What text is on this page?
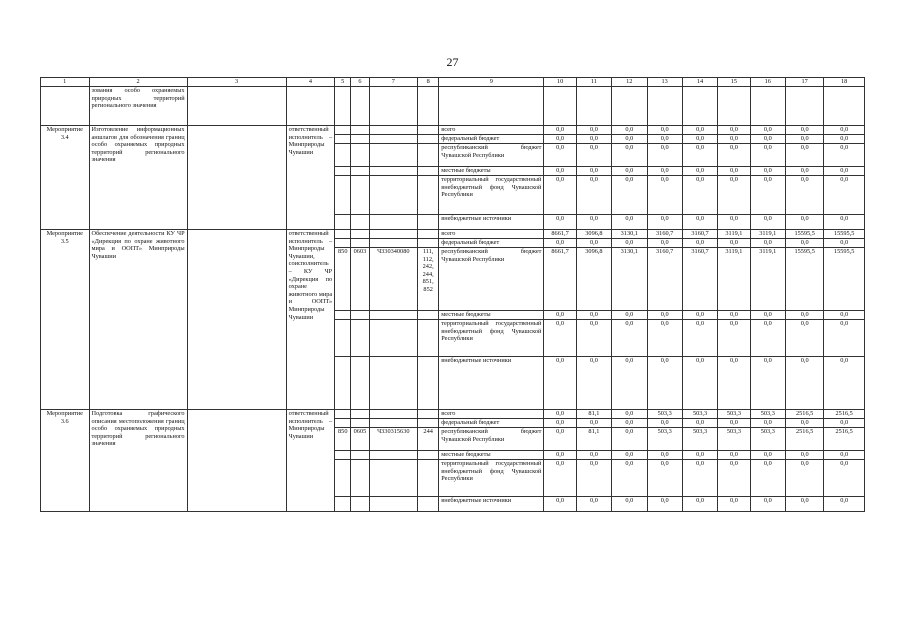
27
1	2	3	4	5	6	7	8	9	10	11	12	13	14	15	16	17	18
	зования особо охраняемых природных территорий регионального значения																
Мероприятие 3.4	Изготовление информационных аншлагов для обозначения границ особо охраняемых природных территорий регионального значения		ответственный исполнитель – Минприроды Чувашии					всего	0,0	0,0	0,0	0,0	0,0	0,0	0,0	0,0	0,0
								федеральный бюджет	0,0	0,0	0,0	0,0	0,0	0,0	0,0	0,0	0,0
								республиканский бюджет Чувашской Республики	0,0	0,0	0,0	0,0	0,0	0,0	0,0	0,0	0,0
								местные бюджеты	0,0	0,0	0,0	0,0	0,0	0,0	0,0	0,0	0,0
								территориальный государственный внебюджетный фонд Чувашской Республики	0,0	0,0	0,0	0,0	0,0	0,0	0,0	0,0	0,0
								внебюджетные источники	0,0	0,0	0,0	0,0	0,0	0,0	0,0	0,0	0,0
Мероприятие 3.5	Обеспечение деятельности КУ ЧР «Дирекция по охране животного мира и ООПТ» Минприроды Чувашии		ответственный исполнитель – Минприроды Чувашии, соисполнитель – КУ ЧР «Дирекция по охране животного мира и ООПТ» Минприроды Чувашии					всего	8661,7	3096,8	3130,1	3160,7	3160,7	3119,1	3119,1	15595,5	15595,5
								федеральный бюджет	0,0	0,0	0,0	0,0	0,0	0,0	0,0	0,0	0,0
				850	0603	Ч330340080	111, 112, 242, 244, 851, 852	республиканский бюджет Чувашской Республики	8661,7	3096,8	3130,1	3160,7	3160,7	3119,1	3119,1	15595,5	15595,5
								местные бюджеты	0,0	0,0	0,0	0,0	0,0	0,0	0,0	0,0	0,0
								территориальный государственный внебюджетный фонд Чувашской Республики	0,0	0,0	0,0	0,0	0,0	0,0	0,0	0,0	0,0
								внебюджетные источники	0,0	0,0	0,0	0,0	0,0	0,0	0,0	0,0	0,0
Мероприятие 3.6	Подготовка графического описания местоположения границ особо охраняемых природных территорий регионального значения		ответственный исполнитель – Минприроды Чувашии					всего	0,0	81,1	0,0	503,3	503,3	503,3	503,3	2516,5	2516,5
								федеральный бюджет	0,0	0,0	0,0	0,0	0,0	0,0	0,0	0,0	0,0
				850	0605	Ч330315630	244	республиканский бюджет Чувашской Республики	0,0	81,1	0,0	503,3	503,3	503,3	503,3	2516,5	2516,5
								местные бюджеты	0,0	0,0	0,0	0,0	0,0	0,0	0,0	0,0	0,0
								территориальный государственный внебюджетный фонд Чувашской Республики	0,0	0,0	0,0	0,0	0,0	0,0	0,0	0,0	0,0
								внебюджетные источники	0,0	0,0	0,0	0,0	0,0	0,0	0,0	0,0	0,0
